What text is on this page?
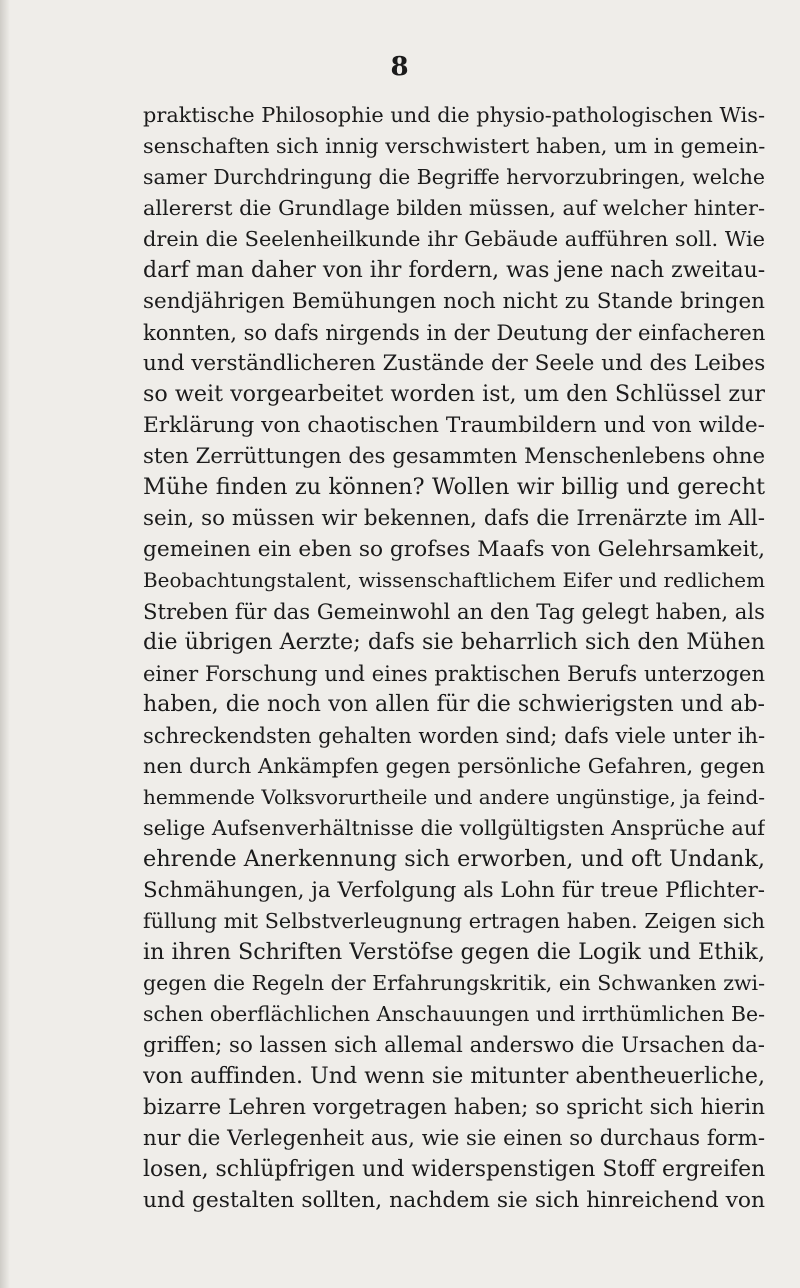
8
praktische Philosophie und die physio-pathologischen Wis-
senschaften sich innig verschwistert haben, um in gemein-
samer Durchdringung die Begriffe hervorzubringen, welche
allererst die Grundlage bilden müssen, auf welcher hinter-
drein die Seelenheilkunde ihr Gebäude aufführen soll. Wie
darf man daher von ihr fordern, was jene nach zweitau-
sendjährigen Bemühungen noch nicht zu Stande bringen
konnten, so dafs nirgends in der Deutung der einfacheren
und verständlicheren Zustände der Seele und des Leibes
so weit vorgearbeitet worden ist, um den Schlüssel zur
Erklärung von chaotischen Traumbildern und von wilde-
sten Zerrüttungen des gesammten Menschenlebens ohne
Mühe finden zu können? Wollen wir billig und gerecht
sein, so müssen wir bekennen, dafs die Irrenärzte im All-
gemeinen ein eben so grofses Maafs von Gelehrsamkeit,
Beobachtungstalent, wissenschaftlichem Eifer und redlichem
Streben für das Gemeinwohl an den Tag gelegt haben, als
die übrigen Aerzte; dafs sie beharrlich sich den Mühen
einer Forschung und eines praktischen Berufs unterzogen
haben, die noch von allen für die schwierigsten und ab-
schreckendsten gehalten worden sind; dafs viele unter ih-
nen durch Ankämpfen gegen persönliche Gefahren, gegen
hemmende Volksvorurtheile und andere ungünstige, ja feind-
selige Aufsenverhältnisse die vollgültigsten Ansprüche auf
ehrende Anerkennung sich erworben, und oft Undank,
Schmähungen, ja Verfolgung als Lohn für treue Pflichter-
füllung mit Selbstverleugnung ertragen haben. Zeigen sich
in ihren Schriften Verstöfse gegen die Logik und Ethik,
gegen die Regeln der Erfahrungskritik, ein Schwanken zwi-
schen oberflächlichen Anschauungen und irrthümlichen Be-
griffen; so lassen sich allemal anderswo die Ursachen da-
von auffinden. Und wenn sie mitunter abentheuerliche,
bizarre Lehren vorgetragen haben; so spricht sich hierin
nur die Verlegenheit aus, wie sie einen so durchaus form-
losen, schlüpfrigen und widerspenstigen Stoff ergreifen
und gestalten sollten, nachdem sie sich hinreichend von
